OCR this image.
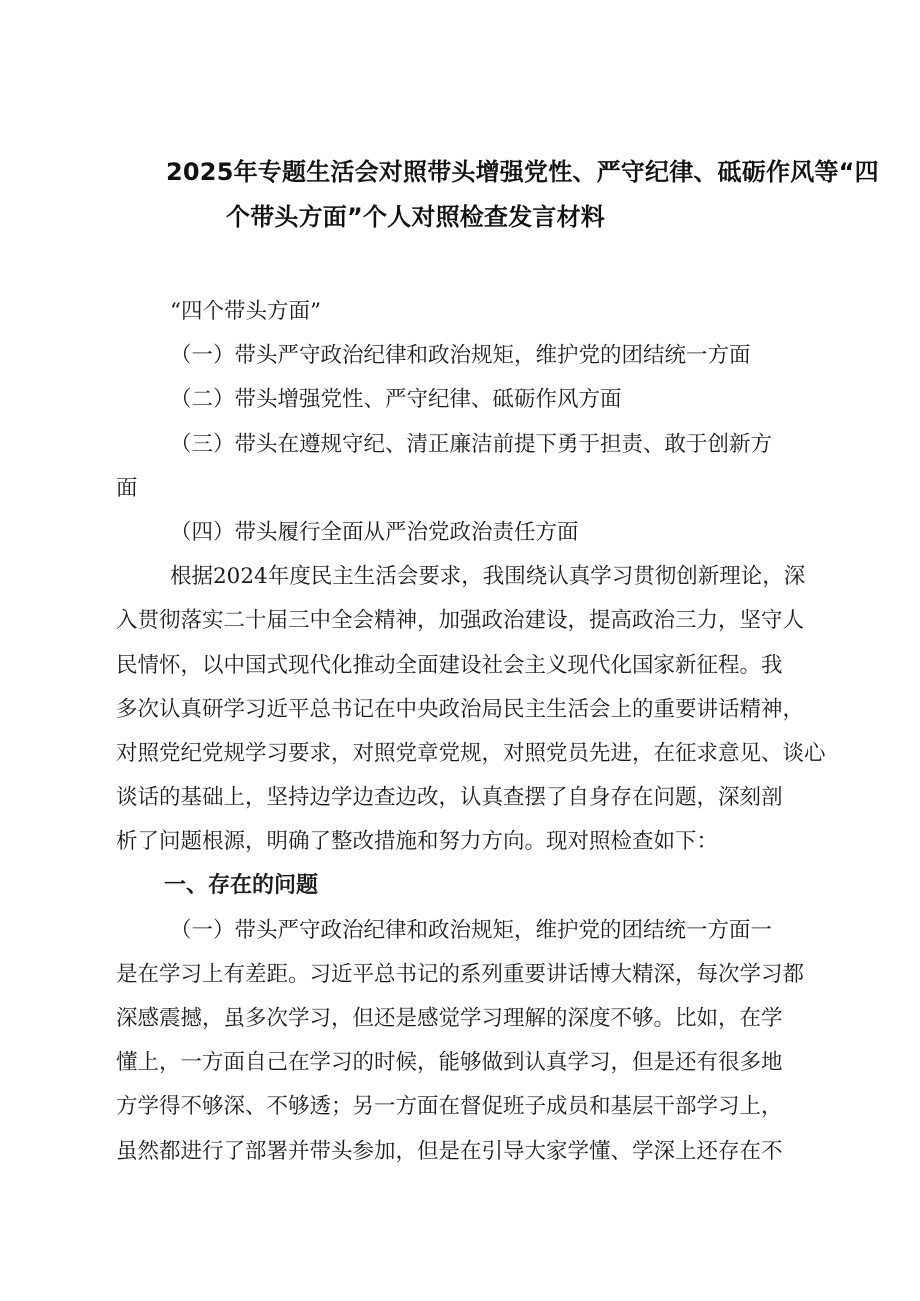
2025年专题生活会对照带头增强党性、严守纪律、砥砺作风等“四
个带头方面”个人对照检查发言材料
“四个带头方面”
（一）带头严守政治纪律和政治规矩，维护党的团结统一方面
（二）带头增强党性、严守纪律、砥砺作风方面
（三）带头在遵规守纪、清正廉洁前提下勇于担责、敢于创新方
面
（四）带头履行全面从严治党政治责任方面
根据2024年度民主生活会要求，我围绕认真学习贯彻创新理论，深
入贯彻落实二十届三中全会精神，加强政治建设，提高政治三力，坚守人
民情怀，以中国式现代化推动全面建设社会主义现代化国家新征程。我
多次认真研学习近平总书记在中央政治局民主生活会上的重要讲话精神，
对照党纪党规学习要求，对照党章党规，对照党员先进，在征求意见、谈心
谈话的基础上，坚持边学边查边改，认真查摆了自身存在问题，深刻剖
析了问题根源，明确了整改措施和努力方向。现对照检查如下：
一、存在的问题
（一）带头严守政治纪律和政治规矩，维护党的团结统一方面一
是在学习上有差距。习近平总书记的系列重要讲话博大精深，每次学习都
深感震撼，虽多次学习，但还是感觉学习理解的深度不够。比如，在学
懂上，一方面自己在学习的时候，能够做到认真学习，但是还有很多地
方学得不够深、不够透；另一方面在督促班子成员和基层干部学习上，
虽然都进行了部署并带头参加，但是在引导大家学懂、学深上还存在不
